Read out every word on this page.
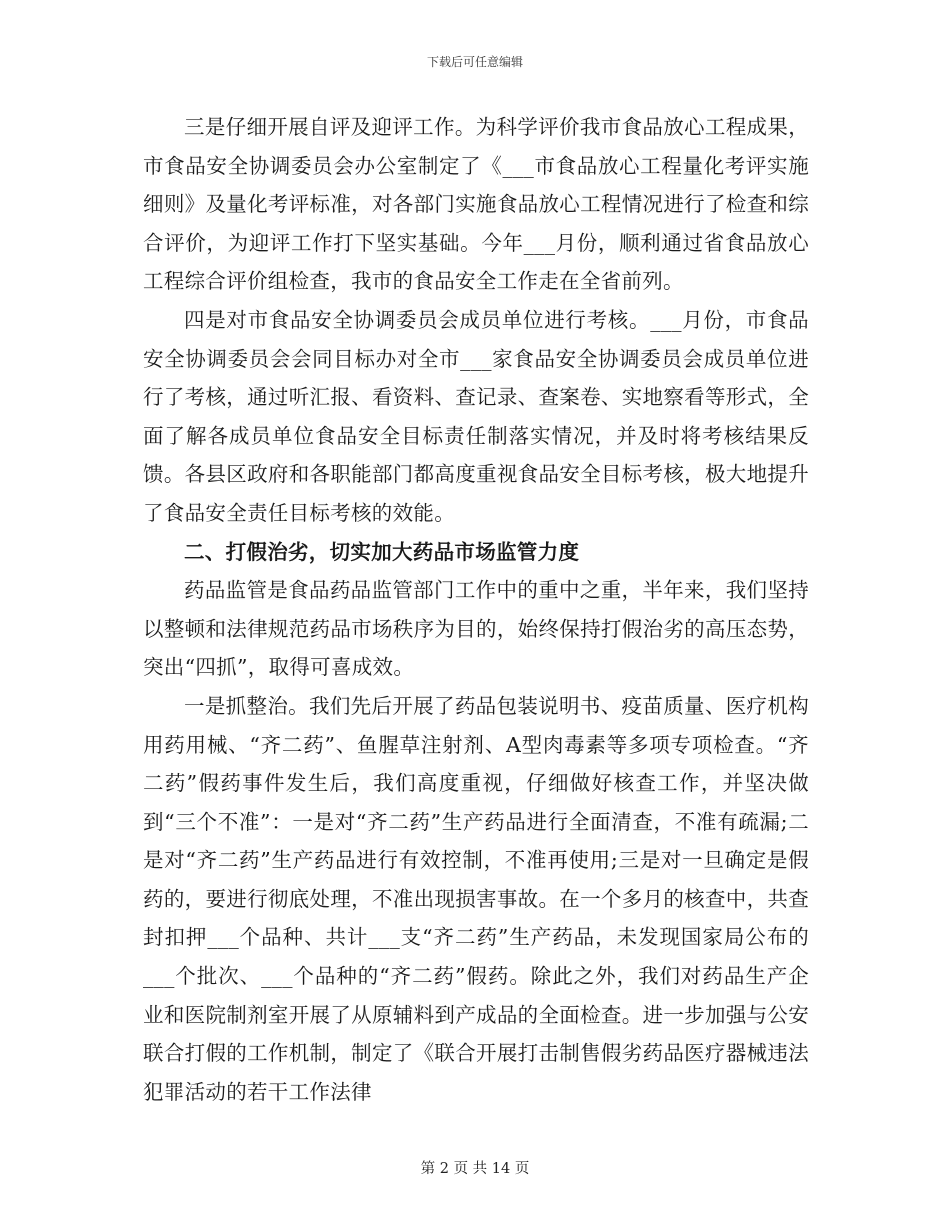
下载后可任意编辑

三是仔细开展自评及迎评工作。为科学评价我市食品放心工程成果，市食品安全协调委员会办公室制定了《___市食品放心工程量化考评实施细则》及量化考评标准，对各部门实施食品放心工程情况进行了检查和综合评价，为迎评工作打下坚实基础。今年___月份，顺利通过省食品放心工程综合评价组检查，我市的食品安全工作走在全省前列。

四是对市食品安全协调委员会成员单位进行考核。___月份，市食品安全协调委员会会同目标办对全市___家食品安全协调委员会成员单位进行了考核，通过听汇报、看资料、查记录、查案卷、实地察看等形式，全面了解各成员单位食品安全目标责任制落实情况，并及时将考核结果反馈。各县区政府和各职能部门都高度重视食品安全目标考核，极大地提升了食品安全责任目标考核的效能。

二、打假治劣，切实加大药品市场监管力度

药品监管是食品药品监管部门工作中的重中之重，半年来，我们坚持以整顿和法律规范药品市场秩序为目的，始终保持打假治劣的高压态势，突出“四抓”，取得可喜成效。

一是抓整治。我们先后开展了药品包装说明书、疫苗质量、医疗机构用药用械、“齐二药”、鱼腥草注射剂、A型肉毒素等多项专项检查。“齐二药”假药事件发生后，我们高度重视，仔细做好核查工作，并坚决做到“三个不准”：一是对“齐二药”生产药品进行全面清查，不准有疏漏;二是对“齐二药”生产药品进行有效控制，不准再使用;三是对一旦确定是假药的，要进行彻底处理，不准出现损害事故。在一个多月的核查中，共查封扣押___个品种、共计___支“齐二药”生产药品，未发现国家局公布的___个批次、___个品种的“齐二药”假药。除此之外，我们对药品生产企业和医院制剂室开展了从原辅料到产成品的全面检查。进一步加强与公安联合打假的工作机制，制定了《联合开展打击制售假劣药品医疗器械违法犯罪活动的若干工作法律

第 2 页 共 14 页
